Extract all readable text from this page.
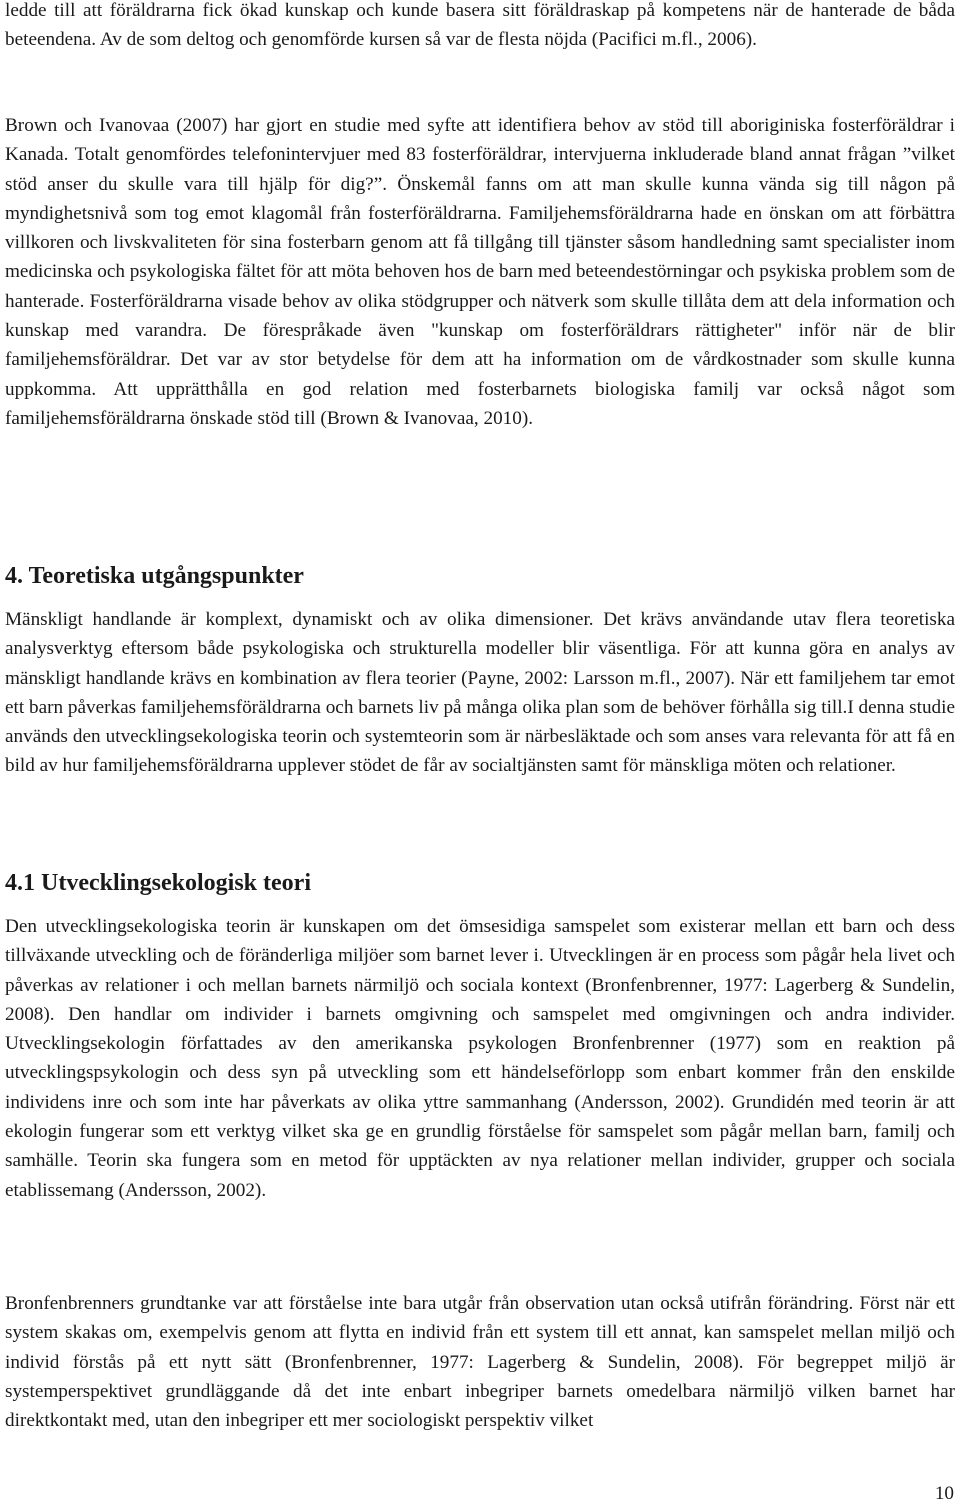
ledde till att föräldrarna fick ökad kunskap och kunde basera sitt föräldraskap på kompetens när de hanterade de båda beteendena. Av de som deltog och genomförde kursen så var de flesta nöjda (Pacifici m.fl., 2006).

Brown och Ivanovaa (2007) har gjort en studie med syfte att identifiera behov av stöd till aboriginiska fosterföräldrar i Kanada. Totalt genomfördes telefonintervjuer med 83 fosterföräldrar, intervjuerna inkluderade bland annat frågan ”vilket stöd anser du skulle vara till hjälp för dig?”. Önskemål fanns om att man skulle kunna vända sig till någon på myndighetsnivå som tog emot klagomål från fosterföräldrarna. Familjehemsföräldrarna hade en önskan om att förbättra villkoren och livskvaliteten för sina fosterbarn genom att få tillgång till tjänster såsom handledning samt specialister inom medicinska och psykologiska fältet för att möta behoven hos de barn med beteendestörningar och psykiska problem som de hanterade. Fosterföräldrarna visade behov av olika stödgrupper och nätverk som skulle tillåta dem att dela information och kunskap med varandra. De förespråkade även "kunskap om fosterföräldrars rättigheter" inför när de blir familjehemsföräldrar. Det var av stor betydelse för dem att ha information om de vårdkostnader som skulle kunna uppkomma. Att upprätthålla en god relation med fosterbarnets biologiska familj var också något som familjehemsföräldrarna önskade stöd till (Brown & Ivanovaa, 2010).

4. Teoretiska utgångspunkter

Mänskligt handlande är komplext, dynamiskt och av olika dimensioner. Det krävs användande utav flera teoretiska analysverktyg eftersom både psykologiska och strukturella modeller blir väsentliga. För att kunna göra en analys av mänskligt handlande krävs en kombination av flera teorier (Payne, 2002: Larsson m.fl., 2007). När ett familjehem tar emot ett barn påverkas familjehemsföräldrarna och barnets liv på många olika plan som de behöver förhålla sig till.I denna studie används den utvecklingsekologiska teorin och systemteorin som är närbesläktade och som anses vara relevanta för att få en bild av hur familjehemsföräldrarna upplever stödet de får av socialtjänsten samt för mänskliga möten och relationer.

4.1 Utvecklingsekologisk teori

Den utvecklingsekologiska teorin är kunskapen om det ömsesidiga samspelet som existerar mellan ett barn och dess tillväxande utveckling och de föränderliga miljöer som barnet lever i. Utvecklingen är en process som pågår hela livet och påverkas av relationer i och mellan barnets närmiljö och sociala kontext (Bronfenbrenner, 1977: Lagerberg & Sundelin, 2008). Den handlar om individer i barnets omgivning och samspelet med omgivningen och andra individer. Utvecklingsekologin författades av den amerikanska psykologen Bronfenbrenner (1977) som en reaktion på utvecklingspsykologin och dess syn på utveckling som ett händelseförlopp som enbart kommer från den enskilde individens inre och som inte har påverkats av olika yttre sammanhang (Andersson, 2002). Grundidén med teorin är att ekologin fungerar som ett verktyg vilket ska ge en grundlig förståelse för samspelet som pågår mellan barn, familj och samhälle. Teorin ska fungera som en metod för upptäckten av nya relationer mellan individer, grupper och sociala etablissemang (Andersson, 2002).

Bronfenbrenners grundtanke var att förståelse inte bara utgår från observation utan också utifrån förändring. Först när ett system skakas om, exempelvis genom att flytta en individ från ett system till ett annat, kan samspelet mellan miljö och individ förstås på ett nytt sätt (Bronfenbrenner, 1977: Lagerberg & Sundelin, 2008). För begreppet miljö är systemperspektivet grundläggande då det inte enbart inbegriper barnets omedelbara närmiljö vilken barnet har direktkontakt med, utan den inbegriper ett mer sociologiskt perspektiv vilket

10
